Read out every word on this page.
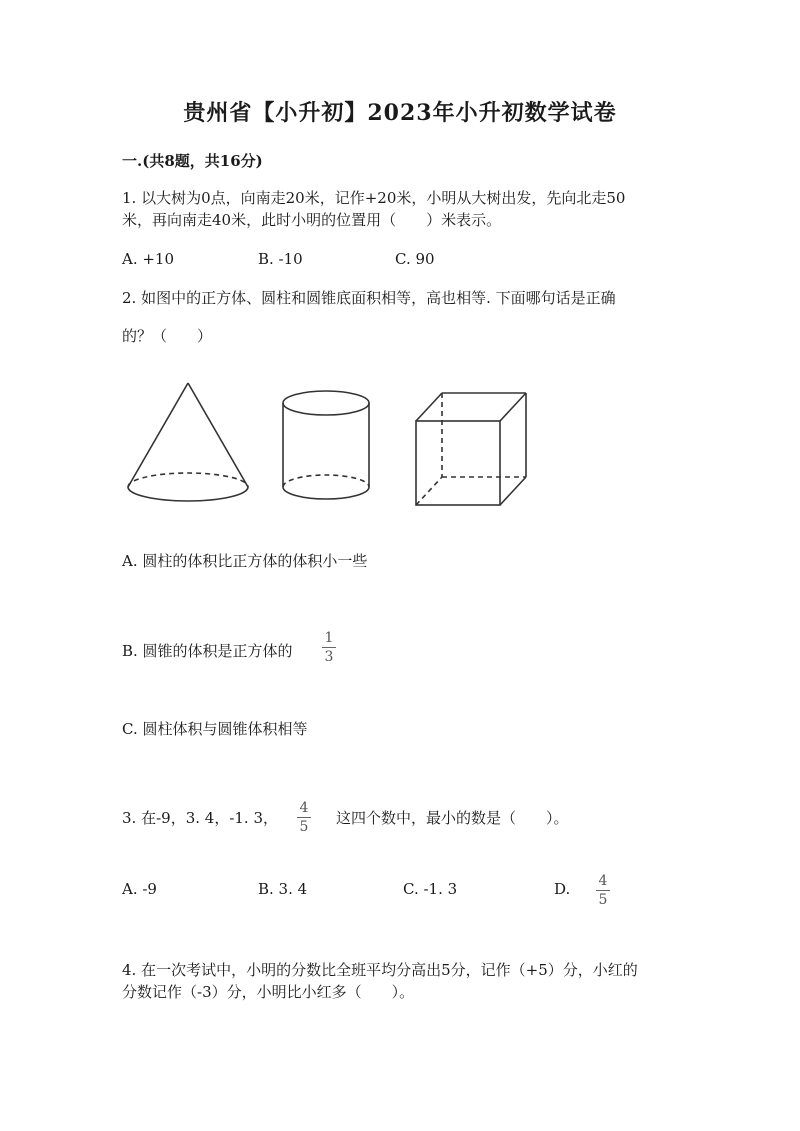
贵州省【小升初】2023年小升初数学试卷
一.(共8题，共16分)
1. 以大树为0点，向南走20米，记作+20米，小明从大树出发，先向北走50
米，再向南走40米，此时小明的位置用（　　）米表示。
A. +10	B. -10	C. 90
2. 如图中的正方体、圆柱和圆锥底面积相等，高也相等. 下面哪句话是正确
的？（　　）
A. 圆柱的体积比正方体的体积小一些
B. 圆锥的体积是正方体的
1
3
C. 圆柱体积与圆锥体积相等
3. 在-9，3. 4，-1. 3，
4
5 这四个数中，最小的数是（　　）。
A. -9	B. 3. 4	C. -1. 3	D. 4
5
4. 在一次考试中，小明的分数比全班平均分高出5分，记作（+5）分，小红的
分数记作（-3）分，小明比小红多（　　）。
